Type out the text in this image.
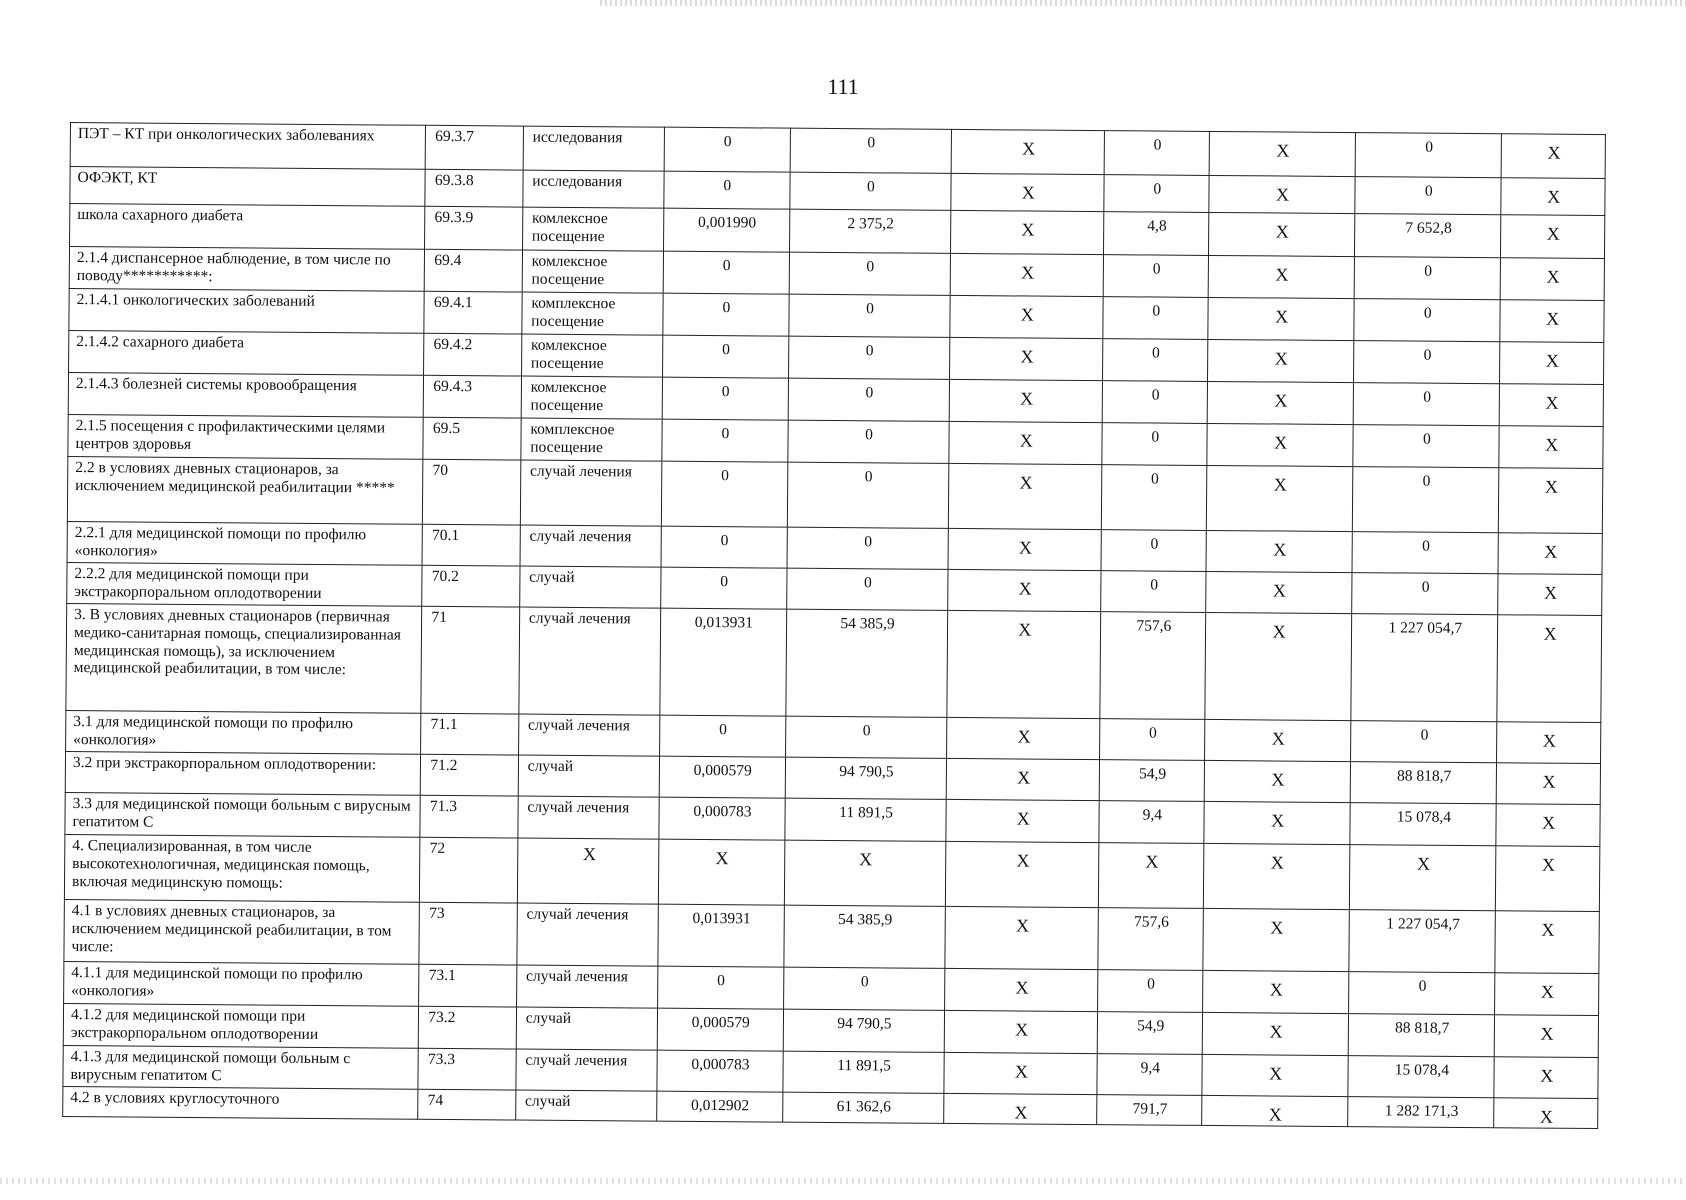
111
ПЭТ – КТ при онкологических заболеваниях	69.3.7	исследования	0	0	Х	0	Х	0	Х
ОФЭКТ, КТ	69.3.8	исследования	0	0	Х	0	Х	0	Х
школа сахарного диабета	69.3.9	комлексное посещение	0,001990	2 375,2	Х	4,8	Х	7 652,8	Х
2.1.4 диспансерное наблюдение, в том числе по поводу***********:	69.4	комлексное посещение	0	0	Х	0	Х	0	Х
2.1.4.1 онкологических заболеваний	69.4.1	комплексное посещение	0	0	Х	0	Х	0	Х
2.1.4.2 сахарного диабета	69.4.2	комлексное посещение	0	0	Х	0	Х	0	Х
2.1.4.3 болезней системы кровообращения	69.4.3	комлексное посещение	0	0	Х	0	Х	0	Х
2.1.5 посещения с профилактическими целями центров здоровья	69.5	комплексное посещение	0	0	Х	0	Х	0	Х
2.2 в условиях дневных стационаров, за исключением медицинской реабилитации *****	70	случай лечения	0	0	Х	0	Х	0	Х
2.2.1 для медицинской помощи по профилю «онкология»	70.1	случай лечения	0	0	Х	0	Х	0	Х
2.2.2 для медицинской помощи при экстракорпоральном оплодотворении	70.2	случай	0	0	Х	0	Х	0	Х
3. В условиях дневных стационаров (первичная медико-санитарная помощь, специализированная медицинская помощь), за исключением медицинской реабилитации, в том числе:	71	случай лечения	0,013931	54 385,9	Х	757,6	Х	1 227 054,7	Х
3.1 для медицинской помощи по профилю «онкология»	71.1	случай лечения	0	0	Х	0	Х	0	Х
3.2 при экстракорпоральном оплодотворении:	71.2	случай	0,000579	94 790,5	Х	54,9	Х	88 818,7	Х
3.3 для медицинской помощи больным с вирусным гепатитом С	71.3	случай лечения	0,000783	11 891,5	Х	9,4	Х	15 078,4	Х
4. Специализированная, в том числе высокотехнологичная, медицинская помощь, включая медицинскую помощь:	72	Х	Х	Х	Х	Х	Х	Х	Х
4.1 в условиях дневных стационаров, за исключением медицинской реабилитации, в том числе:	73	случай лечения	0,013931	54 385,9	Х	757,6	Х	1 227 054,7	Х
4.1.1 для медицинской помощи по профилю «онкология»	73.1	случай лечения	0	0	Х	0	Х	0	Х
4.1.2 для медицинской помощи при экстракорпоральном оплодотворении	73.2	случай	0,000579	94 790,5	Х	54,9	Х	88 818,7	Х
4.1.3 для медицинской помощи больным с вирусным гепатитом С	73.3	случай лечения	0,000783	11 891,5	Х	9,4	Х	15 078,4	Х
4.2 в условиях круглосуточного	74	случай	0,012902	61 362,6	Х	791,7	Х	1 282 171,3	Х
